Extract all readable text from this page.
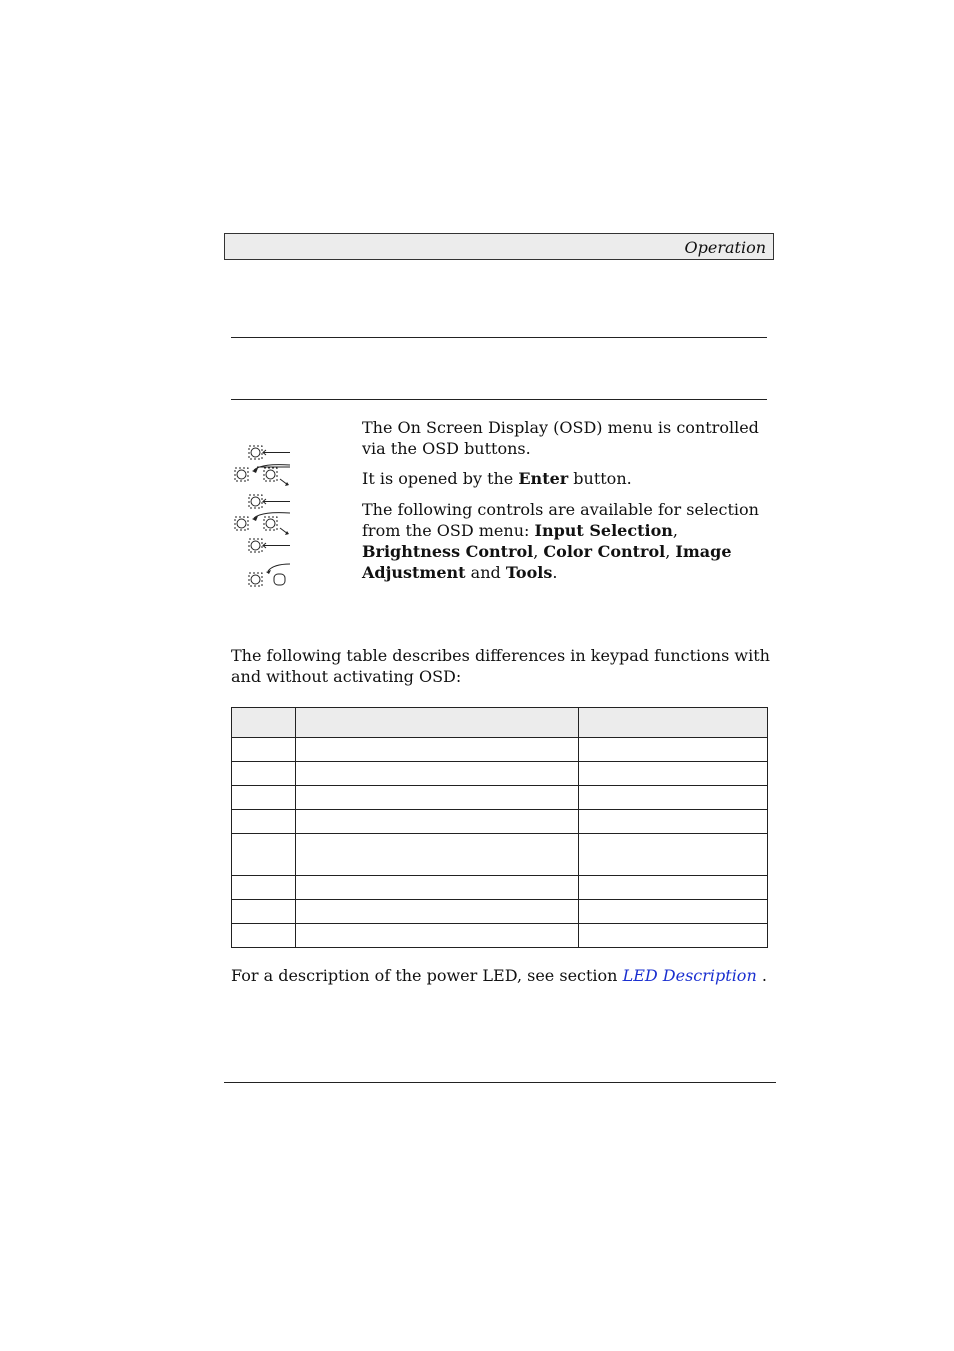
Operation

The On Screen Display (OSD) menu is controlled via the OSD buttons.

It is opened by the Enter button.

The following controls are available for selection from the OSD menu: Input Selection, Brightness Control, Color Control, Image Adjustment and Tools.

The following table describes differences in keypad functions with and without activating OSD:

For a description of the power LED, see section LED Description .
